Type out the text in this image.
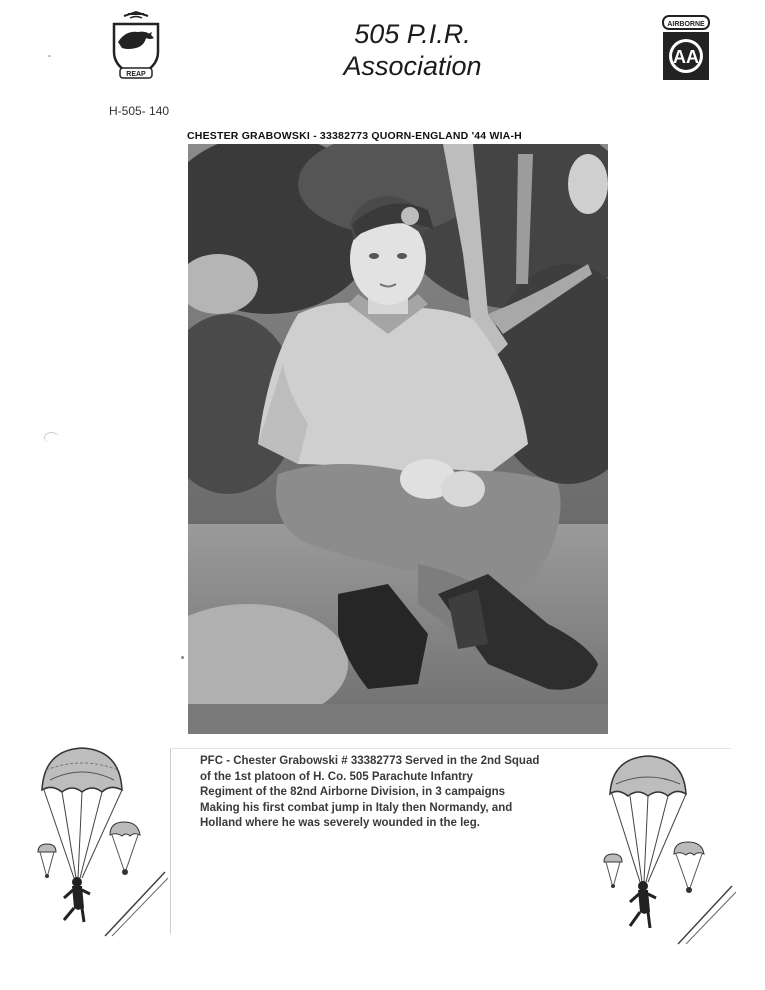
REAP
505 P.I.R.
Association
AIRBORNE
AA
H-505- 140
CHESTER GRABOWSKI - 33382773 QUORN-ENGLAND '44 WIA-H
PFC - Chester Grabowski # 33382773 Served in the 2nd Squad
of the 1st platoon of H. Co. 505 Parachute Infantry
Regiment of the 82nd Airborne Division, in 3 campaigns
Making his first combat jump in Italy then Normandy, and
Holland where he was severely wounded in the leg.
